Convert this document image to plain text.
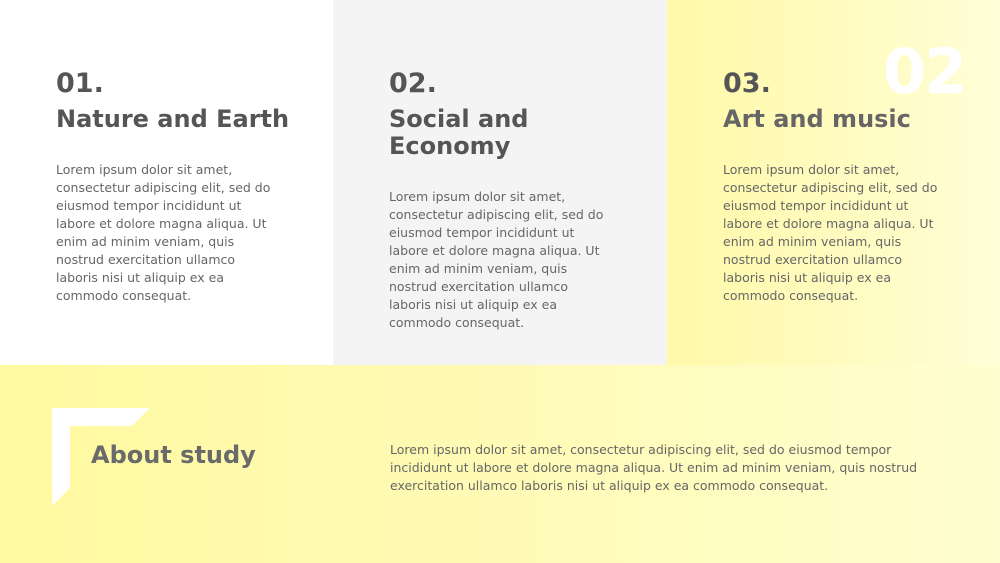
01.
Nature and Earth
Lorem ipsum dolor sit amet, consectetur adipiscing elit, sed do eiusmod tempor incididunt ut labore et dolore magna aliqua. Ut enim ad minim veniam, quis nostrud exercitation ullamco laboris nisi ut aliquip ex ea commodo consequat.
02.
Social and Economy
Lorem ipsum dolor sit amet, consectetur adipiscing elit, sed do eiusmod tempor incididunt ut labore et dolore magna aliqua. Ut enim ad minim veniam, quis nostrud exercitation ullamco laboris nisi ut aliquip ex ea commodo consequat.
03.
Art and music
Lorem ipsum dolor sit amet, consectetur adipiscing elit, sed do eiusmod tempor incididunt ut labore et dolore magna aliqua. Ut enim ad minim veniam, quis nostrud exercitation ullamco laboris nisi ut aliquip ex ea commodo consequat.
02
About study	Lorem ipsum dolor sit amet, consectetur adipiscing elit, sed do eiusmod tempor incididunt ut labore et dolore magna aliqua. Ut enim ad minim veniam, quis nostrud exercitation ullamco laboris nisi ut aliquip ex ea commodo consequat.
